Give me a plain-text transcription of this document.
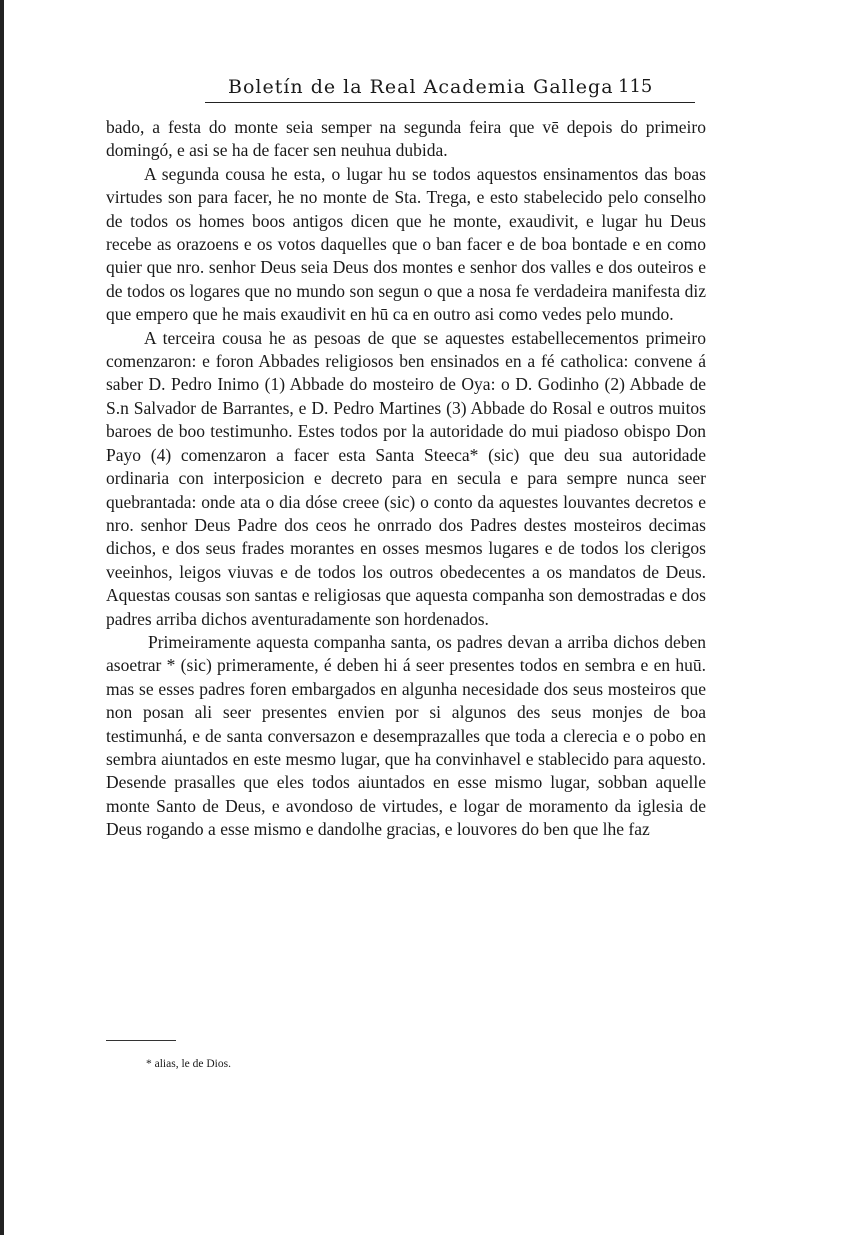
Boletín de la Real Academia Gallega 115

bado, a festa do monte seia semper na segunda feira que vē depois do primeiro domingó, e asi se ha de facer sen neuhua dubida.

A segunda cousa he esta, o lugar hu se todos aquestos ensinamentos das boas virtudes son para facer, he no monte de Sta. Trega, e esto stabelecido pelo conselho de todos os homes boos antigos dicen que he monte, exaudivit, e lugar hu Deus recebe as orazoens e os votos daquelles que o ban facer e de boa bontade e en como quier que nro. senhor Deus seia Deus dos montes e senhor dos valles e dos outeiros e de todos os logares que no mundo son segun o que a nosa fe verdadeira manifesta diz que empero que he mais exaudivit en hū ca en outro asi como vedes pelo mundo.

A terceira cousa he as pesoas de que se aquestes estabellecementos primeiro comenzaron: e foron Abbades religiosos ben ensinados en a fé catholica: convene á saber D. Pedro Inimo (1) Abbade do mosteiro de Oya: o D. Godinho (2) Abbade de S.n Salvador de Barrantes, e D. Pedro Martines (3) Abbade do Rosal e outros muitos baroes de boo testimunho. Estes todos por la autoridade do mui piadoso obispo Don Payo (4) comenzaron a facer esta Santa Steeca* (sic) que deu sua autoridade ordinaria con interposicion e decreto para en secula e para sempre nunca seer quebrantada: onde ata o dia dóse creee (sic) o conto da aquestes louvantes decretos e nro. senhor Deus Padre dos ceos he onrrado dos Padres destes mosteiros decimas dichos, e dos seus frades morantes en osses mesmos lugares e de todos los clerigos veeinhos, leigos viuvas e de todos los outros obedecentes a os mandatos de Deus. Aquestas cousas son santas e religiosas que aquesta companha son demostradas e dos padres arriba dichos aventuradamente son hordenados.

Primeiramente aquesta companha santa, os padres devan a arriba dichos deben asoetrar * (sic) primeramente, é deben hi á seer presentes todos en sembra e en huū. mas se esses padres foren embargados en algunha necesidade dos seus mosteiros que non posan ali seer presentes envien por si algunos des seus monjes de boa testimunhá, e de santa conversazon e desemprazalles que toda a clerecia e o pobo en sembra aiuntados en este mesmo lugar, que ha convinhavel e stablecido para aquesto. Desende prasalles que eles todos aiuntados en esse mismo lugar, sobban aquelle monte Santo de Deus, e avondoso de virtudes, e logar de moramento da iglesia de Deus rogando a esse mismo e dandolhe gracias, e louvores do ben que lhe faz

* alias, le de Dios.
